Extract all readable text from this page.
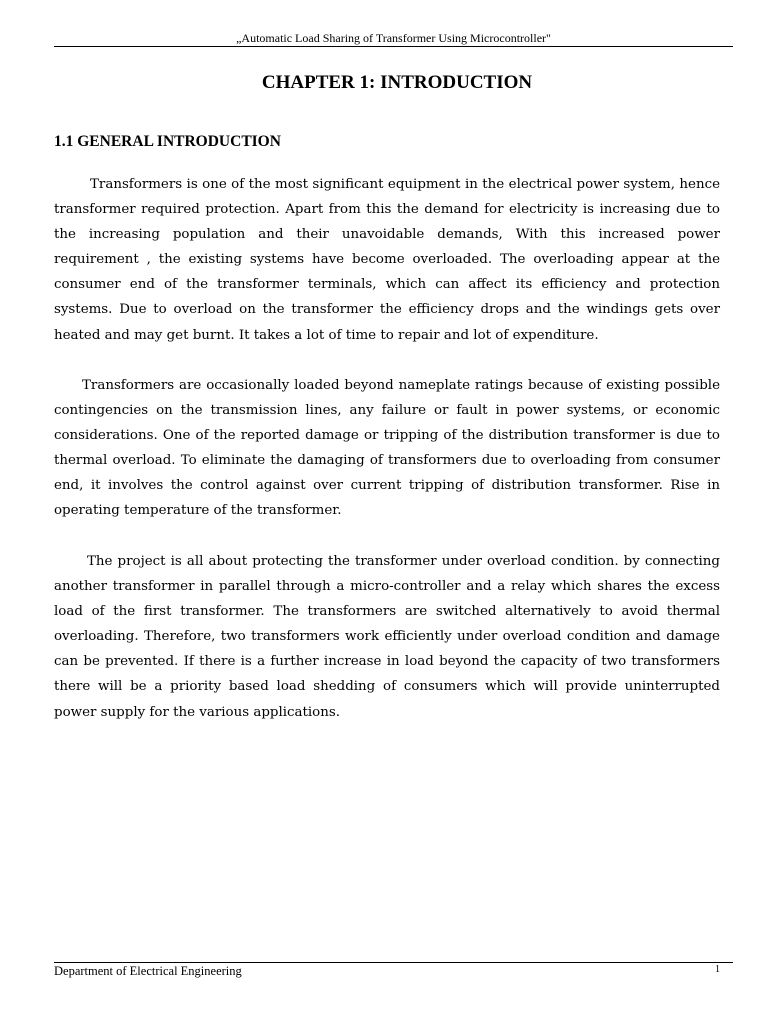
„Automatic Load Sharing of Transformer Using Microcontroller"
CHAPTER 1: INTRODUCTION
1.1 GENERAL INTRODUCTION

Transformers is one of the most significant equipment in the electrical power system, hence transformer required protection. Apart from this the demand for electricity is increasing due to the increasing population and their unavoidable demands, With this increased power requirement , the existing systems have become overloaded. The overloading appear at the consumer end of the transformer terminals, which can affect its efficiency and protection systems. Due to overload on the transformer the efficiency drops and the windings gets over heated and may get burnt. It takes a lot of time to repair and lot of expenditure.

Transformers are occasionally loaded beyond nameplate ratings because of existing possible contingencies on the transmission lines, any failure or fault in power systems, or economic considerations. One of the reported damage or tripping of the distribution transformer is due to thermal overload. To eliminate the damaging of transformers due to overloading from consumer end, it involves the control against over current tripping of distribution transformer. Rise in operating temperature of the transformer.

The project is all about protecting the transformer under overload condition. by connecting another transformer in parallel through a micro-controller and a relay which shares the excess load of the first transformer. The transformers are switched alternatively to avoid thermal overloading. Therefore, two transformers work efficiently under overload condition and damage can be prevented. If there is a further increase in load beyond the capacity of two transformers there will be a priority based load shedding of consumers which will provide uninterrupted power supply for the various applications.

Department of Electrical Engineering	1
